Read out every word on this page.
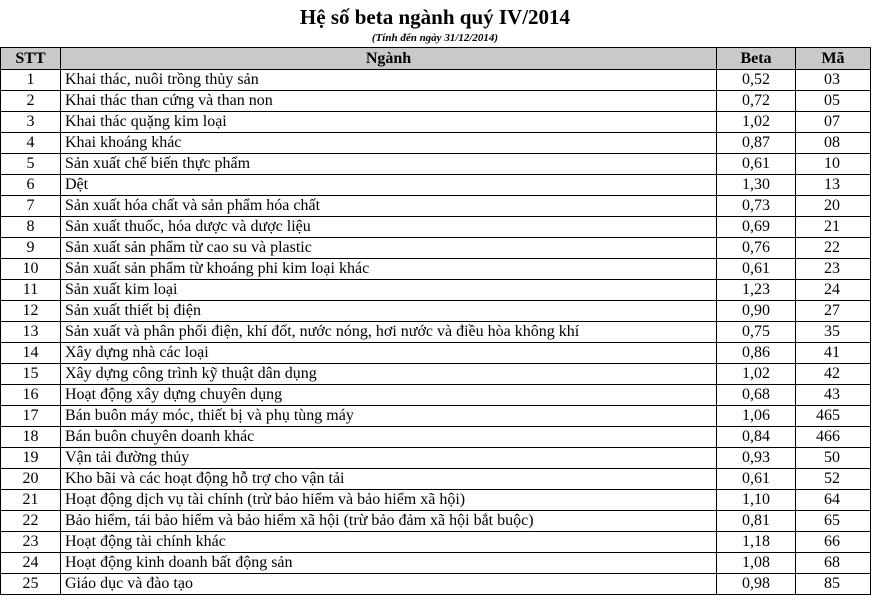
Hệ số beta ngành quý IV/2014
(Tính đến ngày 31/12/2014)
STT	Ngành	Beta	Mã
1	Khai thác, nuôi trồng thủy sản	0,52	03
2	Khai thác than cứng và than non	0,72	05
3	Khai thác quặng kim loại	1,02	07
4	Khai khoáng khác	0,87	08
5	Sản xuất chế biến thực phẩm	0,61	10
6	Dệt	1,30	13
7	Sản xuất hóa chất và sản phẩm hóa chất	0,73	20
8	Sản xuất thuốc, hóa dược và dược liệu	0,69	21
9	Sản xuất sản phẩm từ cao su và plastic	0,76	22
10	Sản xuất sản phẩm từ khoáng phi kim loại khác	0,61	23
11	Sản xuất kim loại	1,23	24
12	Sản xuất thiết bị điện	0,90	27
13	Sản xuất và phân phối điện, khí đốt, nước nóng, hơi nước và điều hòa không khí	0,75	35
14	Xây dựng nhà các loại	0,86	41
15	Xây dựng công trình kỹ thuật dân dụng	1,02	42
16	Hoạt động xây dựng chuyên dụng	0,68	43
17	Bán buôn máy móc, thiết bị và phụ tùng máy	1,06	465
18	Bán buôn chuyên doanh khác	0,84	466
19	Vận tải đường thủy	0,93	50
20	Kho bãi và các hoạt động hỗ trợ cho vận tải	0,61	52
21	Hoạt động dịch vụ tài chính (trừ bảo hiểm và bảo hiểm xã hội)	1,10	64
22	Bảo hiểm, tái bảo hiểm và bảo hiểm xã hội (trừ bảo đảm xã hội bắt buộc)	0,81	65
23	Hoạt động tài chính khác	1,18	66
24	Hoạt động kinh doanh bất động sản	1,08	68
25	Giáo dục và đào tạo	0,98	85
